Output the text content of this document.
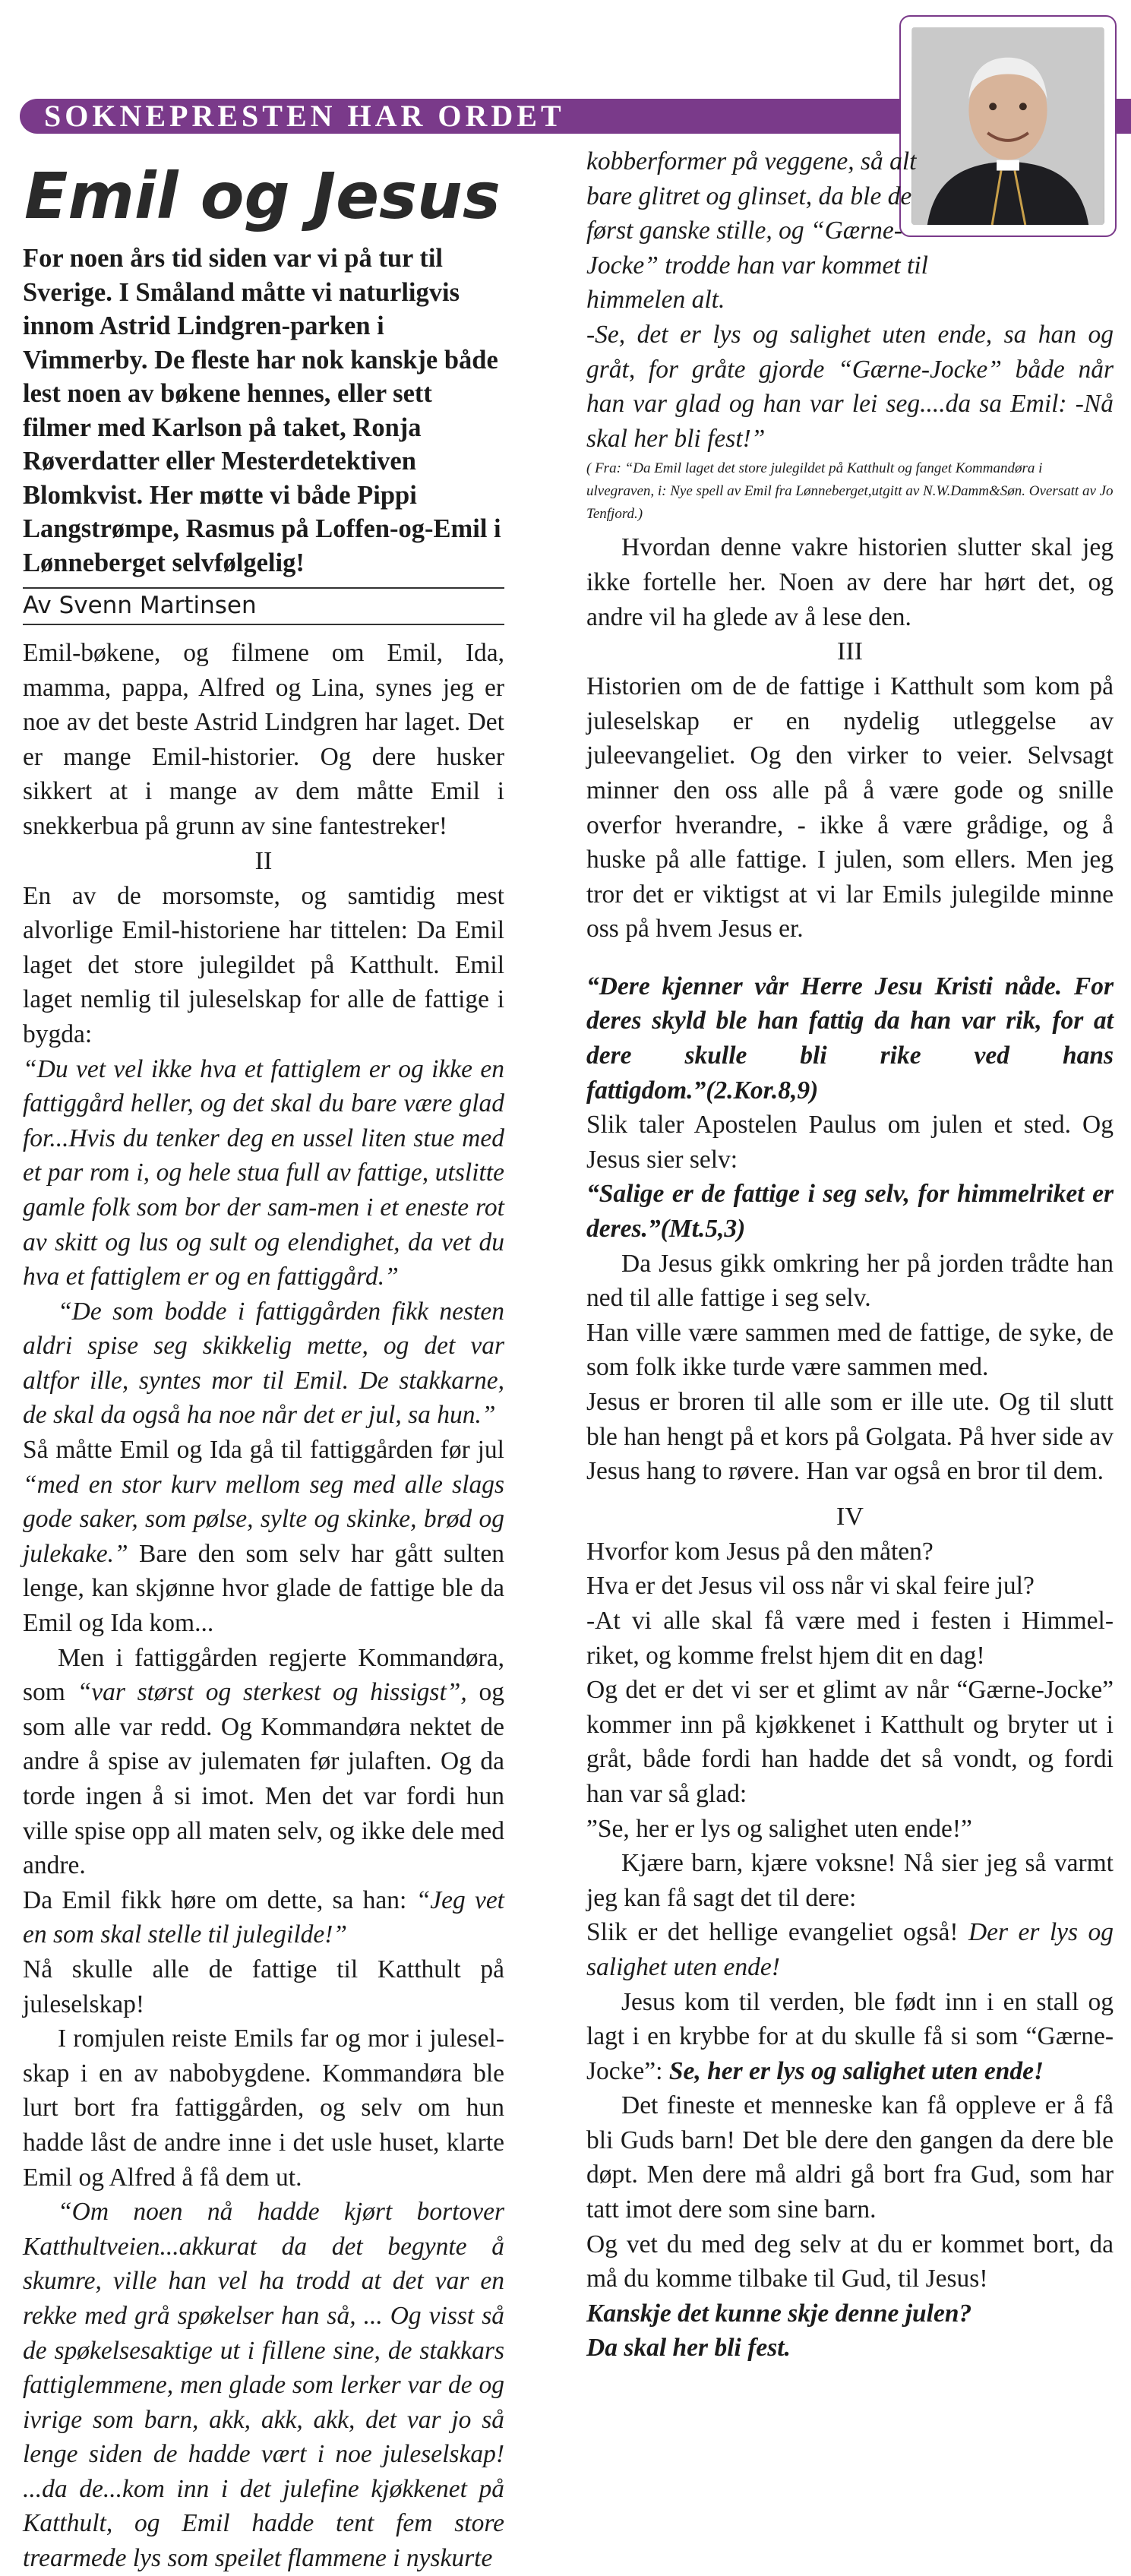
SOKNEPRESTEN HAR ORDET
Emil og Jesus

For noen års tid siden var vi på tur til Sverige. I Småland måtte vi naturligvis innom Astrid Lindgren-parken i Vimmerby. De fleste har nok kanskje både lest noen av bøkene hennes, eller sett filmer med Karlson på taket, Ronja Røverdatter eller Mesterdetektiven Blomkvist. Her møtte vi både Pippi Langstrømpe, Rasmus på Loffen-og-Emil i Lønneberget selvfølgelig!

Av Svenn Martinsen

Emil-bøkene, og filmene om Emil, Ida, mamma, pappa, Alfred og Lina, synes jeg er noe av det beste Astrid Lindgren har laget. Det er mange Emil-historier. Og dere husker sikkert at i mange av dem måtte Emil i snekkerbua på grunn av sine fantestreker!

II

En av de morsomste, og samtidig mest alvorlige Emil-historiene har tittelen: Da Emil laget det store julegildet på Katthult. Emil laget nemlig til juleselskap for alle de fattige i bygda:

“Du vet vel ikke hva et fattiglem er og ikke en fattiggård heller, og det skal du bare være glad for...Hvis du tenker deg en ussel liten stue med et par rom i, og hele stua full av fattige, utslitte gamle folk som bor der sam-men i et eneste rot av skitt og lus og sult og elendighet, da vet du hva et fattiglem er og en fattiggård.”

“De som bodde i fattiggården fikk nesten aldri spise seg skikkelig mette, og det var altfor ille, syntes mor til Emil. De stakkarne, de skal da også ha noe når det er jul, sa hun.”

Så måtte Emil og Ida gå til fattiggården før jul “med en stor kurv mellom seg med alle slags gode saker, som pølse, sylte og skinke, brød og julekake.” Bare den som selv har gått sulten lenge, kan skjønne hvor glade de fattige ble da Emil og Ida kom...

Men i fattiggården regjerte Kommandøra, som “var størst og sterkest og hissigst”, og som alle var redd. Og Kommandøra nektet de andre å spise av julematen før julaften. Og da torde ingen å si imot. Men det var fordi hun ville spise opp all maten selv, og ikke dele med andre.

Da Emil fikk høre om dette, sa han: “Jeg vet en som skal stelle til julegilde!”

Nå skulle alle de fattige til Katthult på juleselskap!

I romjulen reiste Emils far og mor i julesel-skap i en av nabobygdene. Kommandøra ble lurt bort fra fattiggården, og selv om hun hadde låst de andre inne i det usle huset, klarte Emil og Alfred å få dem ut.

“Om noen nå hadde kjørt bortover Katthultveien...akkurat da det begynte å skumre, ville han vel ha trodd at det var en rekke med grå spøkelser han så, ... Og visst så de spøkelsesaktige ut i fillene sine, de stakkars fattiglemmene, men glade som lerker var de og ivrige som barn, akk, akk, akk, det var jo så lenge siden de hadde vært i noe juleselskap! ...da de...kom inn i det julefine kjøkkenet på Katthult, og Emil hadde tent fem store trearmede lys som speilet flammene i nyskurte

kobberformer på veggene, så alt bare glitret og glinset, da ble de først ganske stille, og “Gærne-Jocke” trodde han var kommet til himmelen alt.

-Se, det er lys og salighet uten ende, sa han og gråt, for gråte gjorde “Gærne-Jocke” både når han var glad og han var lei seg....da sa Emil: -Nå skal her bli fest!”

( Fra: “Da Emil laget det store julegildet på Katthult og fanget Kommandøra i ulvegraven, i: Nye spell av Emil fra Lønneberget,utgitt av N.W.Damm&Søn. Oversatt av Jo Tenfjord.)

Hvordan denne vakre historien slutter skal jeg ikke fortelle her. Noen av dere har hørt det, og andre vil ha glede av å lese den.

III

Historien om de de fattige i Katthult som kom på juleselskap er en nydelig utleggelse av juleevangeliet. Og den virker to veier. Selvsagt minner den oss alle på å være gode og snille overfor hverandre, - ikke å være grådige, og å huske på alle fattige. I julen, som ellers. Men jeg tror det er viktigst at vi lar Emils julegilde minne oss på hvem Jesus er.

“Dere kjenner vår Herre Jesu Kristi nåde. For deres skyld ble han fattig da han var rik, for at dere skulle bli rike ved hans fattigdom.”(2.Kor.8,9)

Slik taler Apostelen Paulus om julen et sted. Og Jesus sier selv:

“Salige er de fattige i seg selv, for himmelriket er deres.”(Mt.5,3)

Da Jesus gikk omkring her på jorden trådte han ned til alle fattige i seg selv.

Han ville være sammen med de fattige, de syke, de som folk ikke turde være sammen med.

Jesus er broren til alle som er ille ute. Og til slutt ble han hengt på et kors på Golgata. På hver side av Jesus hang to røvere. Han var også en bror til dem.

IV

Hvorfor kom Jesus på den måten?

Hva er det Jesus vil oss når vi skal feire jul?

-At vi alle skal få være med i festen i Himmel-riket, og komme frelst hjem dit en dag!

Og det er det vi ser et glimt av når “Gærne-Jocke” kommer inn på kjøkkenet i Katthult og bryter ut i gråt, både fordi han hadde det så vondt, og fordi han var så glad:

”Se, her er lys og salighet uten ende!”

Kjære barn, kjære voksne! Nå sier jeg så varmt jeg kan få sagt det til dere:

Slik er det hellige evangeliet også! Der er lys og salighet uten ende!

Jesus kom til verden, ble født inn i en stall og lagt i en krybbe for at du skulle få si som “Gærne-Jocke”: Se, her er lys og salighet uten ende!

Det fineste et menneske kan få oppleve er å få bli Guds barn! Det ble dere den gangen da dere ble døpt. Men dere må aldri gå bort fra Gud, som har tatt imot dere som sine barn.

Og vet du med deg selv at du er kommet bort, da må du komme tilbake til Gud, til Jesus!

Kanskje det kunne skje denne julen?

Da skal her bli fest.
